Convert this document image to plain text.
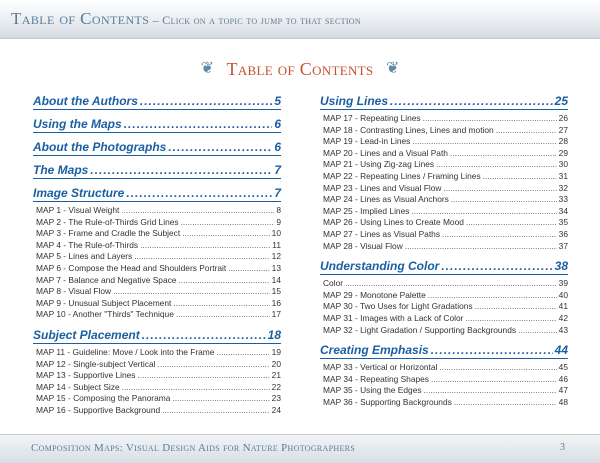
Table of Contents – Click on a topic to jump to that section
❦ Table of Contents ❦
About the Authors .....	5
Using the Maps .....	6
About the Photographs .....	6
The Maps .....	7
Image Structure .....	7
MAP 1 - Visual Weight .....	8
MAP 2 - The Rule-of-Thirds Grid Lines .....	9
MAP 3 - Frame and Cradle the Subject .....	10
MAP 4 - The Rule-of-Thirds .....	11
MAP 5 - Lines and Layers .....	12
MAP 6 - Compose the Head and Shoulders Portrait .....	13
MAP 7 - Balance and Negative Space .....	14
MAP 8 - Visual Flow .....	15
MAP 9 - Unusual Subject Placement .....	16
MAP 10 - Another "Thirds" Technique .....	17
Subject Placement .....	18
MAP 11 - Guideline: Move / Look into the Frame .....	19
MAP 12 - Single-subject Vertical .....	20
MAP 13 - Supportive Lines .....	21
MAP 14 - Subject Size .....	22
MAP 15 - Composing the Panorama .....	23
MAP 16 - Supportive Background .....	24
Using Lines .....	25
MAP 17 - Repeating Lines .....	26
MAP 18 - Contrasting Lines, Lines and motion .....	27
MAP 19 - Lead-in Lines .....	28
MAP 20 - Lines and a Visual Path .....	29
MAP 21 - Using Zig-zag Lines .....	30
MAP 22 - Repeating Lines / Framing Lines .....	31
MAP 23 - Lines and Visual Flow .....	32
MAP 24 - Lines as Visual Anchors .....	33
MAP 25 - Implied Lines .....	34
MAP 26 - Using Lines to Create Mood .....	35
MAP 27 - Lines as Visual Paths .....	36
MAP 28 - Visual Flow .....	37
Understanding Color .....	38
Color .....	39
MAP 29 - Monotone Palette .....	40
MAP 30 - Two Uses for Light Gradations .....	41
MAP 31 - Images with a Lack of Color .....	42
MAP 32 - Light Gradation / Supporting Backgrounds .....	43
Creating Emphasis .....	44
MAP 33 - Vertical or Horizontal .....	45
MAP 34 - Repeating Shapes .....	46
MAP 35 - Using the Edges .....	47
MAP 36 - Supporting Backgrounds .....	48
Composition Maps: Visual Design Aids for Nature Photographers	3
